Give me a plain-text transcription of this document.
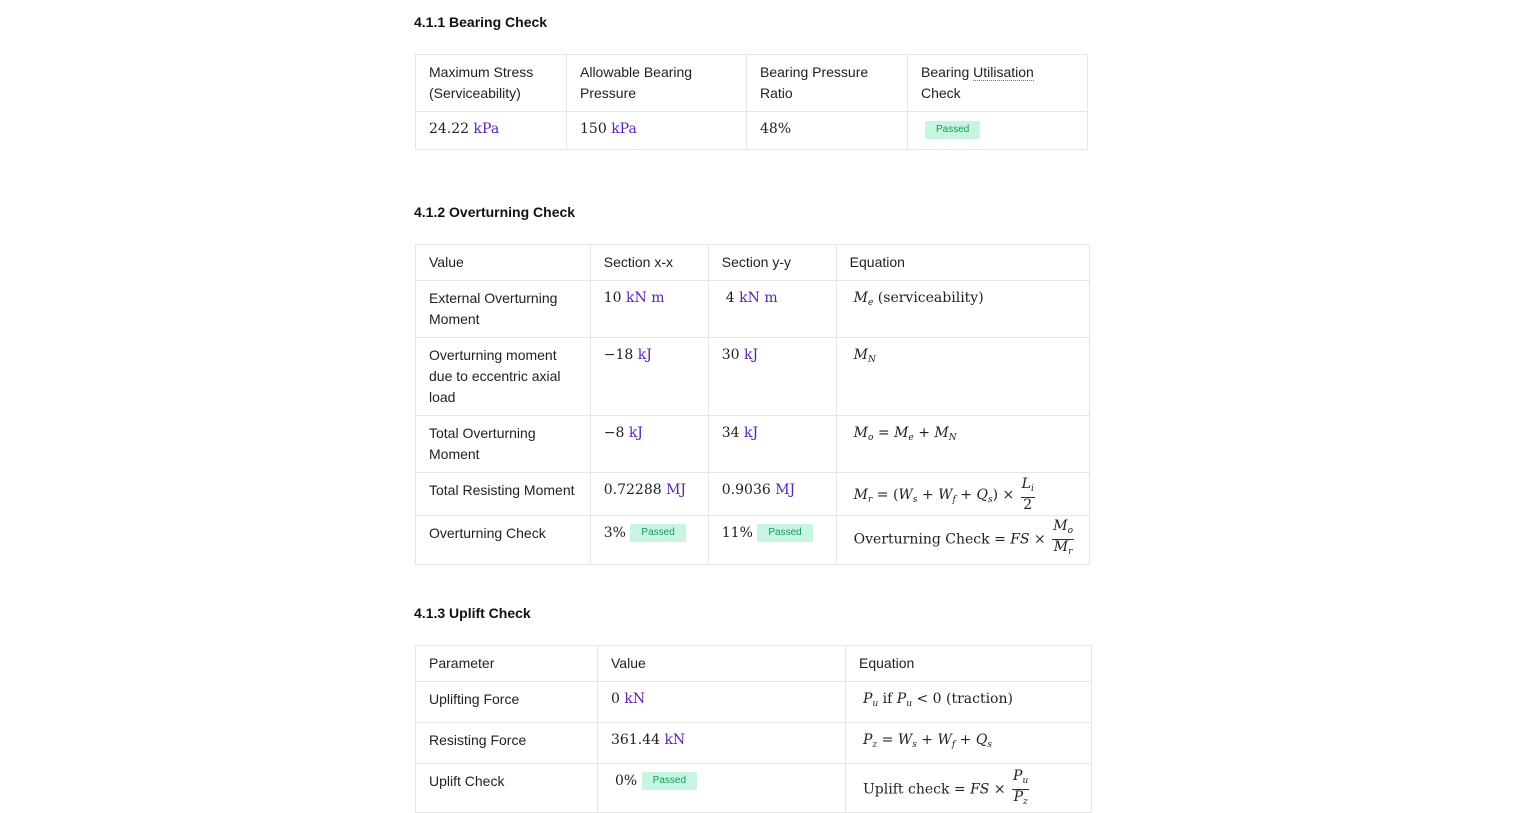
4.1.1 Bearing Check
Maximum Stress (Serviceability)	Allowable Bearing Pressure	Bearing Pressure Ratio	Bearing Utilisation Check
24.22 kPa	150 kPa	48%	Passed
4.1.2 Overturning Check
Value	Section x-x	Section y-y	Equation
External Overturning Moment	10 kN m	4 kN m	$M_e$ (serviceability)
Overturning moment due to eccentric axial load	−18 kJ	30 kJ	$M_N$
Total Overturning Moment	−8 kJ	34 kJ	$M_o = M_e + M_N$
Total Resisting Moment	0.72288 MJ	0.9036 MJ	$M_r = (W_s + W_f + Q_s) \times \frac{L_i}{2}$

Overturning Check	3% Passed	11% Passed	Overturning Check = FS × $\frac{M_o}{M_r}$
4.1.3 Uplift Check
Parameter	Value	Equation
Uplifting Force	0 kN	$P_u$ if $P_u < 0$ (traction)
Resisting Force	361.44 kN	$P_z = W_s + W_f + Q_s$
Uplift Check	0% Passed	Uplift check = FS × $\frac{P_u}{P_z}$
